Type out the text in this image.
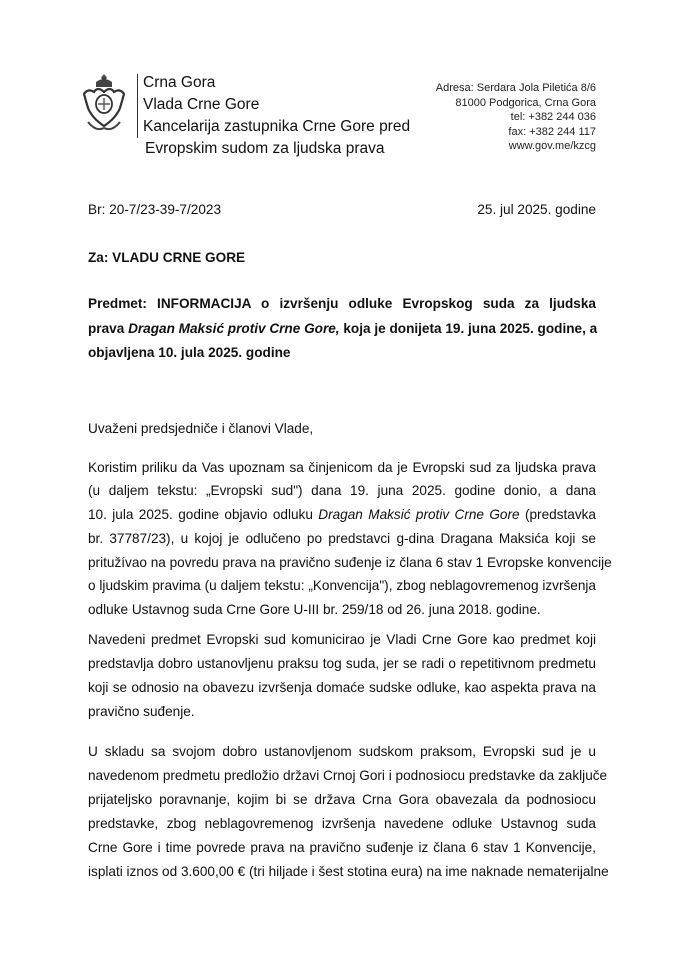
Crna Gora
Vlada Crne Gore
Kancelarija zastupnika Crne Gore pred
Evropskim sudom za ljudska prava
Adresa: Serdara Jola Piletića 8/6
81000 Podgorica, Crna Gora
tel: +382 244 036
fax: +382 244 117
www.gov.me/kzcg
Br: 20-7/23-39-7/2023	25. jul 2025. godine
Za: VLADU CRNE GORE
Predmet: INFORMACIJA o izvršenju odluke Evropskog suda za ljudska
prava Dragan Maksić protiv Crne Gore, koja je donijeta 19. juna 2025. godine, a
objavljena 10. jula 2025. godine
Uvaženi predsjedniče i članovi Vlade,
Koristim priliku da Vas upoznam sa činjenicom da je Evropski sud za ljudska prava
(u daljem tekstu: „Evropski sud") dana 19. juna 2025. godine donio, a dana
10. jula 2025. godine objavio odluku Dragan Maksić protiv Crne Gore (predstavka
br. 37787/23), u kojoj je odlučeno po predstavci g-dina Dragana Maksića koji se
pritužívao na povredu prava na pravično suđenje iz člana 6 stav 1 Evropske konvencije
o ljudskim pravima (u daljem tekstu: „Konvencija"), zbog neblagovremenog izvršenja
odluke Ustavnog suda Crne Gore U-III br. 259/18 od 26. juna 2018. godine.
Navedeni predmet Evropski sud komunicirao je Vladi Crne Gore kao predmet koji
predstavlja dobro ustanovljenu praksu tog suda, jer se radi o repetitivnom predmetu
koji se odnosio na obavezu izvršenja domaće sudske odluke, kao aspekta prava na
pravično suđenje.
U skladu sa svojom dobro ustanovljenom sudskom praksom, Evropski sud je u
navedenom predmetu predložio državi Crnoj Gori i podnosiocu predstavke da zaključe
prijateljsko poravnanje, kojim bi se država Crna Gora obavezala da podnosiocu
predstavke, zbog neblagovremenog izvršenja navedene odluke Ustavnog suda
Crne Gore i time povrede prava na pravično suđenje iz člana 6 stav 1 Konvencije,
isplati iznos od 3.600,00 € (tri hiljade i šest stotina eura) na ime naknade nematerijalne
